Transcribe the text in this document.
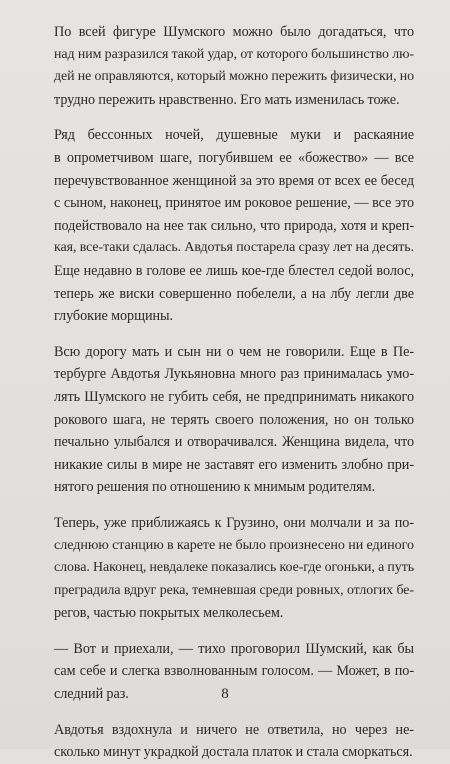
По всей фигуре Шумского можно было догадаться, что
над ним разразился такой удар, от которого большинство лю-
дей не оправляются, который можно пережить физически, но
трудно пережить нравственно. Его мать изменилась тоже.

Ряд бессонных ночей, душевные муки и раскаяние
в опрометчивом шаге, погубившем ее «божество» — все
перечувствованное женщиной за это время от всех ее бесед
с сыном, наконец, принятое им роковое решение, — все это
подействовало на нее так сильно, что природа, хотя и креп-
кая, все-таки сдалась. Авдотья постарела сразу лет на десять.
Еще недавно в голове ее лишь кое-где блестел седой волос,
теперь же виски совершенно побелели, а на лбу легли две
глубокие морщины.

Всю дорогу мать и сын ни о чем не говорили. Еще в Пе-
тербурге Авдотья Лукьяновна много раз принималась умо-
лять Шумского не губить себя, не предпринимать никакого
рокового шага, не терять своего положения, но он только
печально улыбался и отворачивался. Женщина видела, что
никакие силы в мире не заставят его изменить злобно при-
нятого решения по отношению к мнимым родителям.

Теперь, уже приближаясь к Грузино, они молчали и за по-
следнюю станцию в карете не было произнесено ни единого
слова. Наконец, невдалеке показались кое-где огоньки, а путь
преградила вдруг река, темневшая среди ровных, отлогих бе-
регов, частью покрытых мелколесьем.

— Вот и приехали, — тихо проговорил Шумский, как бы
сам себе и слегка взволнованным голосом. — Может, в по-
следний раз.

Авдотья вздохнула и ничего не ответила, но через не-
сколько минут украдкой достала платок и стала сморкаться.

8
